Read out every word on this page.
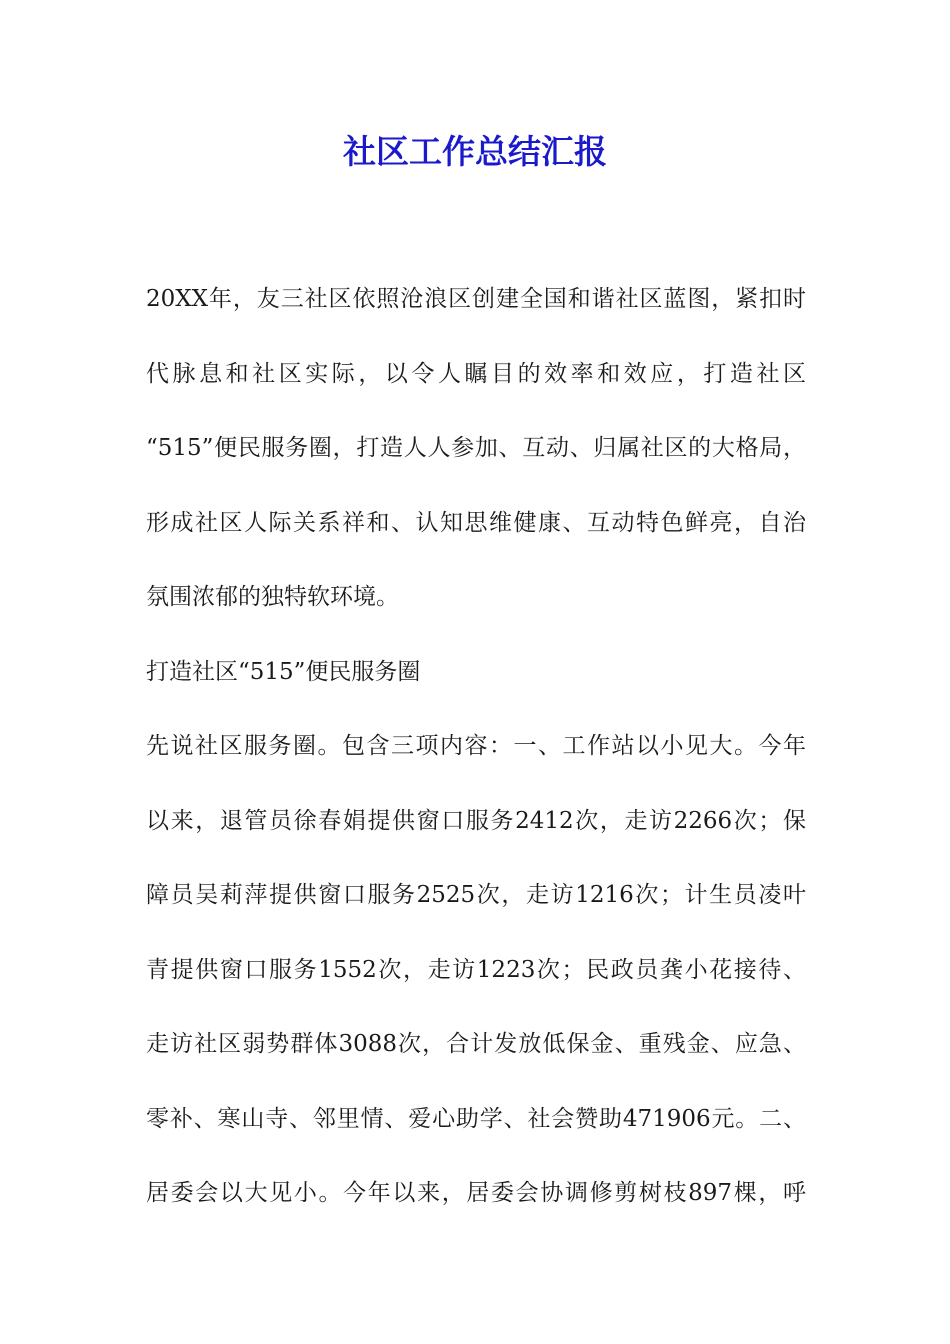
社区工作总结汇报
20XX年，友三社区依照沧浪区创建全国和谐社区蓝图，紧扣时
代脉息和社区实际，以令人瞩目的效率和效应，打造社区
“515”便民服务圈，打造人人参加、互动、归属社区的大格局，
形成社区人际关系祥和、认知思维健康、互动特色鲜亮，自治
氛围浓郁的独特软环境。
打造社区“515”便民服务圈
先说社区服务圈。包含三项内容：一、工作站以小见大。今年
以来，退管员徐春娟提供窗口服务2412次，走访2266次；保
障员吴莉萍提供窗口服务2525次，走访1216次；计生员凌叶
青提供窗口服务1552次，走访1223次；民政员龚小花接待、
走访社区弱势群体3088次，合计发放低保金、重残金、应急、
零补、寒山寺、邻里情、爱心助学、社会赞助471906元。二、
居委会以大见小。今年以来，居委会协调修剪树枝897棵，呼
